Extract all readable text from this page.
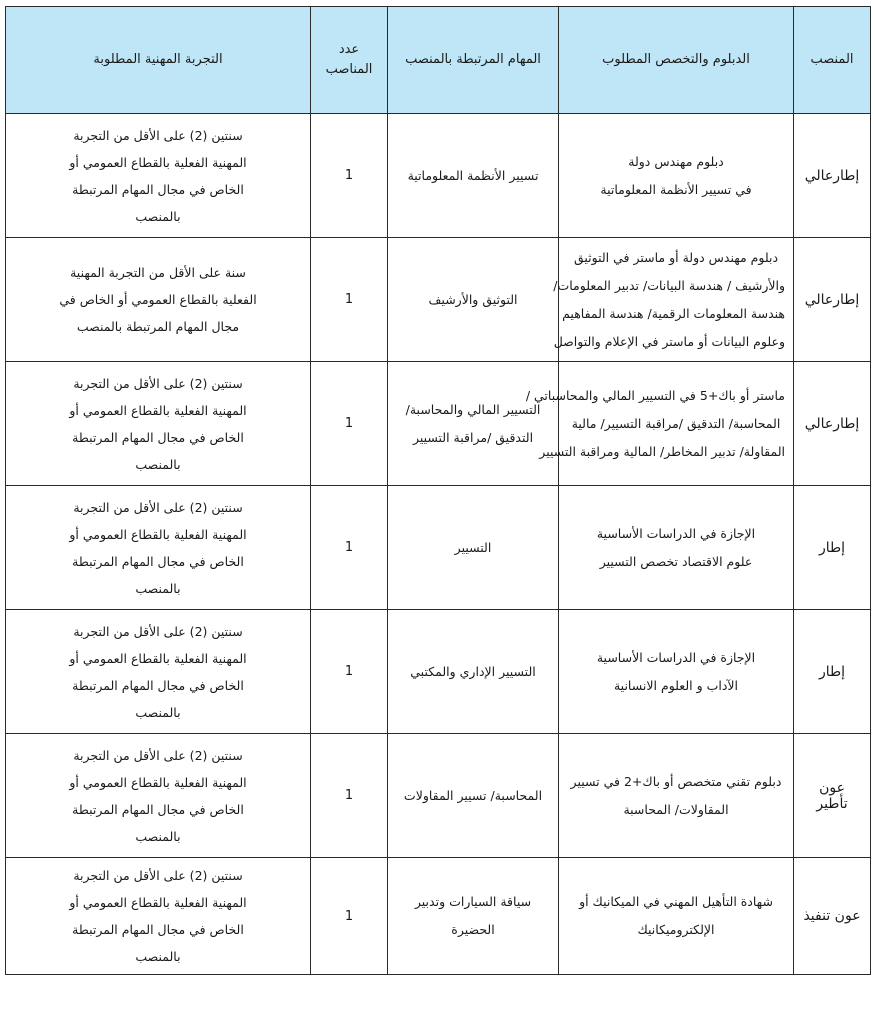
المنصب	الدبلوم والتخصص المطلوب	المهام المرتبطة بالمنصب	عدد
المناصب	التجربة المهنية المطلوبة
إطارعالي	دبلوم مهندس دولة
في تسيير الأنظمة المعلوماتية	تسيير الأنظمة المعلوماتية	1	سنتين (2) على الأقل من التجربة
المهنية الفعلية بالقطاع العمومي أو
الخاص في مجال المهام المرتبطة
بالمنصب

إطارعالي	دبلوم مهندس دولة أو ماستر في التوثيق
والأرشيف / هندسة البيانات/ تدبير المعلومات/
هندسة المعلومات الرقمية/ هندسة المفاهيم
وعلوم البيانات أو ماستر في الإعلام والتواصل	التوثيق والأرشيف	1	سنة على الأقل من التجربة المهنية
الفعلية بالقطاع العمومي أو الخاص في
مجال المهام المرتبطة بالمنصب

إطارعالي	ماستر أو باك+5 في التسيير المالي والمحاسباتي /
المحاسبة/ التدقيق /مراقبة التسيير/ مالية
المقاولة/ تدبير المخاطر/ المالية ومراقبة التسيير	التسيير المالي والمحاسبة/
التدقيق /مراقبة التسيير	1	سنتين (2) على الأقل من التجربة
المهنية الفعلية بالقطاع العمومي أو
الخاص في مجال المهام المرتبطة
بالمنصب

إطار	الإجازة في الدراسات الأساسية
علوم الاقتصاد تخصص التسيير	التسيير	1	سنتين (2) على الأقل من التجربة
المهنية الفعلية بالقطاع العمومي أو
الخاص في مجال المهام المرتبطة
بالمنصب

إطار	الإجازة في الدراسات الأساسية
الآداب و العلوم الانسانية	التسيير الإداري والمكتبي	1	سنتين (2) على الأقل من التجربة
المهنية الفعلية بالقطاع العمومي أو
الخاص في مجال المهام المرتبطة
بالمنصب

عون تأطير	دبلوم تقني متخصص أو باك+2 في تسيير
المقاولات/ المحاسبة	المحاسبة/ تسيير المقاولات	1	سنتين (2) على الأقل من التجربة
المهنية الفعلية بالقطاع العمومي أو
الخاص في مجال المهام المرتبطة
بالمنصب

عون تنفيذ	شهادة التأهيل المهني في الميكانيك أو
الإلكتروميكانيك	سياقة السيارات وتدبير
الحضيرة	1	سنتين (2) على الأقل من التجربة
المهنية الفعلية بالقطاع العمومي أو
الخاص في مجال المهام المرتبطة
بالمنصب
